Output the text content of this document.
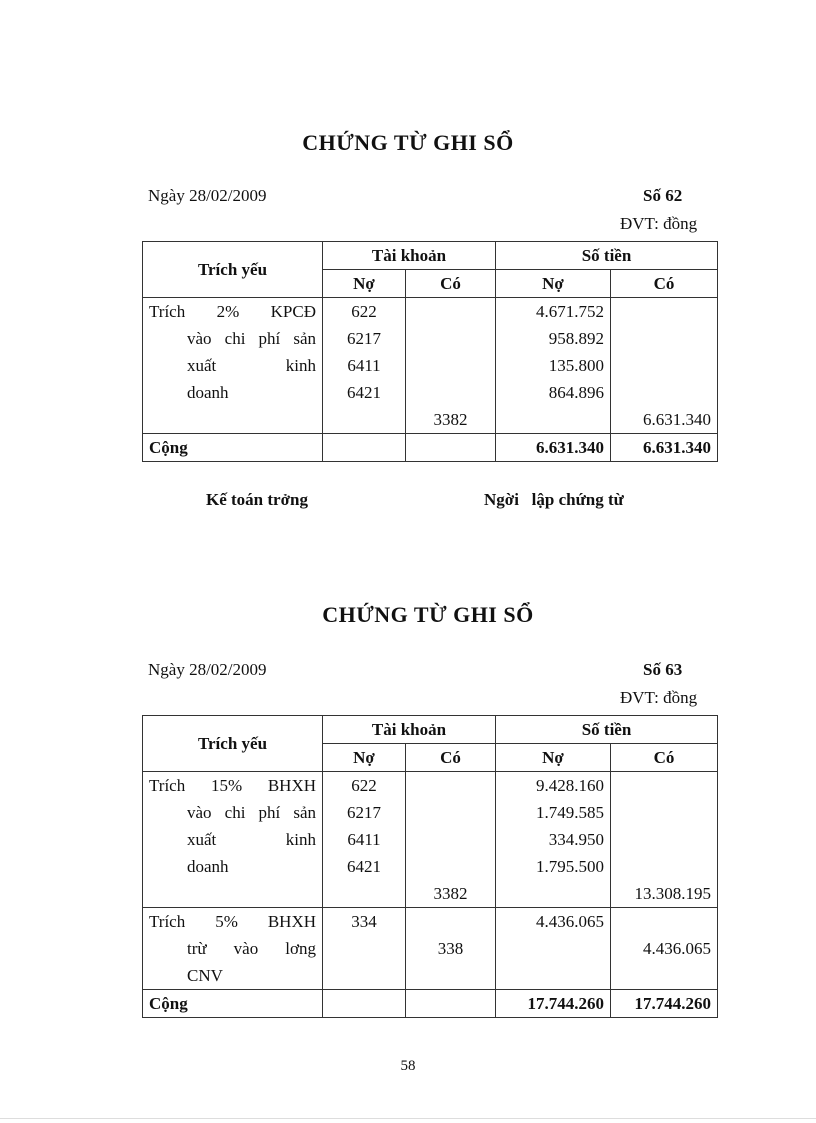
CHỨNG TỪ GHI SỔ
Ngày 28/02/2009	Số 62
ĐVT: đồng
Trích yếu	Tài khoản		Số tiền	
	Nợ	Có	Nợ	Có
Trích 2% KPCĐ	622		4.671.752	
vào chi phí sản	6217		958.892	
xuất kinh	6411		135.800	
doanh	6421		864.896	
		3382		6.631.340
Cộng			6.631.340	6.631.340
Kế toán trởng	Ngời   lập chứng từ
CHỨNG TỪ GHI SỔ
Ngày 28/02/2009	Số 63
ĐVT: đồng
Trích yếu	Tài khoản		Số tiền	
	Nợ	Có	Nợ	Có
Trích 15% BHXH	622		9.428.160	
vào chi phí sản	6217		1.749.585	
xuất kinh	6411		334.950	
doanh	6421		1.795.500	
		3382		13.308.195
Trích 5% BHXH	334		4.436.065	
trừ vào lơng		338		4.436.065
CNV				
Cộng			17.744.260	17.744.260
58
